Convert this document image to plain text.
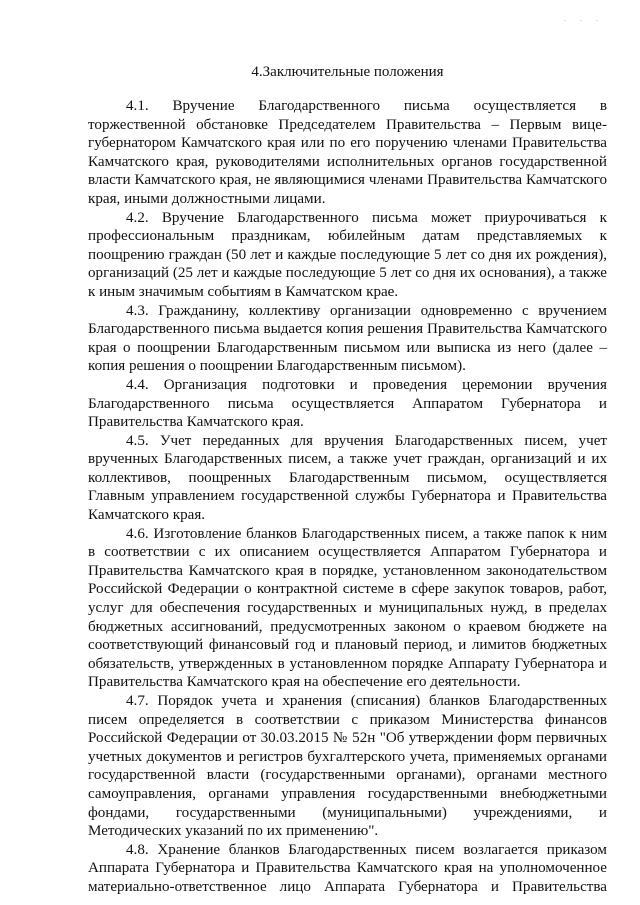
. . .
4.Заключительные положения

4.1. Вручение Благодарственного письма осуществляется в торжественной обстановке Председателем Правительства – Первым вице-губернатором Камчатского края или по его поручению членами Правительства Камчатского края, руководителями исполнительных органов государственной власти Камчатского края, не являющимися членами Правительства Камчатского края, иными должностными лицами.

4.2. Вручение Благодарственного письма может приурочиваться к профессиональным праздникам, юбилейным датам представляемых к поощрению граждан (50 лет и каждые последующие 5 лет со дня их рождения), организаций (25 лет и каждые последующие 5 лет со дня их основания), а также к иным значимым событиям в Камчатском крае.

4.3. Гражданину, коллективу организации одновременно с вручением Благодарственного письма выдается копия решения Правительства Камчатского края о поощрении Благодарственным письмом или выписка из него (далее – копия решения о поощрении Благодарственным письмом).

4.4. Организация подготовки и проведения церемонии вручения Благодарственного письма осуществляется Аппаратом Губернатора и Правительства Камчатского края.

4.5. Учет переданных для вручения Благодарственных писем, учет врученных Благодарственных писем, а также учет граждан, организаций и их коллективов, поощренных Благодарственным письмом, осуществляется Главным управлением государственной службы Губернатора и Правительства Камчатского края.

4.6. Изготовление бланков Благодарственных писем, а также папок к ним в соответствии с их описанием осуществляется Аппаратом Губернатора и Правительства Камчатского края в порядке, установленном законодательством Российской Федерации о контрактной системе в сфере закупок товаров, работ, услуг для обеспечения государственных и муниципальных нужд, в пределах бюджетных ассигнований, предусмотренных законом о краевом бюджете на соответствующий финансовый год и плановый период, и лимитов бюджетных обязательств, утвержденных в установленном порядке Аппарату Губернатора и Правительства Камчатского края на обеспечение его деятельности.

4.7. Порядок учета и хранения (списания) бланков Благодарственных писем определяется в соответствии с приказом Министерства финансов Российской Федерации от 30.03.2015 № 52н "Об утверждении форм первичных учетных документов и регистров бухгалтерского учета, применяемых органами государственной власти (государственными органами), органами местного самоуправления, органами управления государственными внебюджетными фондами, государственными (муниципальными) учреждениями, и Методических указаний по их применению".

4.8. Хранение бланков Благодарственных писем возлагается приказом Аппарата Губернатора и Правительства Камчатского края на уполномоченное материально-ответственное лицо Аппарата Губернатора и Правительства
